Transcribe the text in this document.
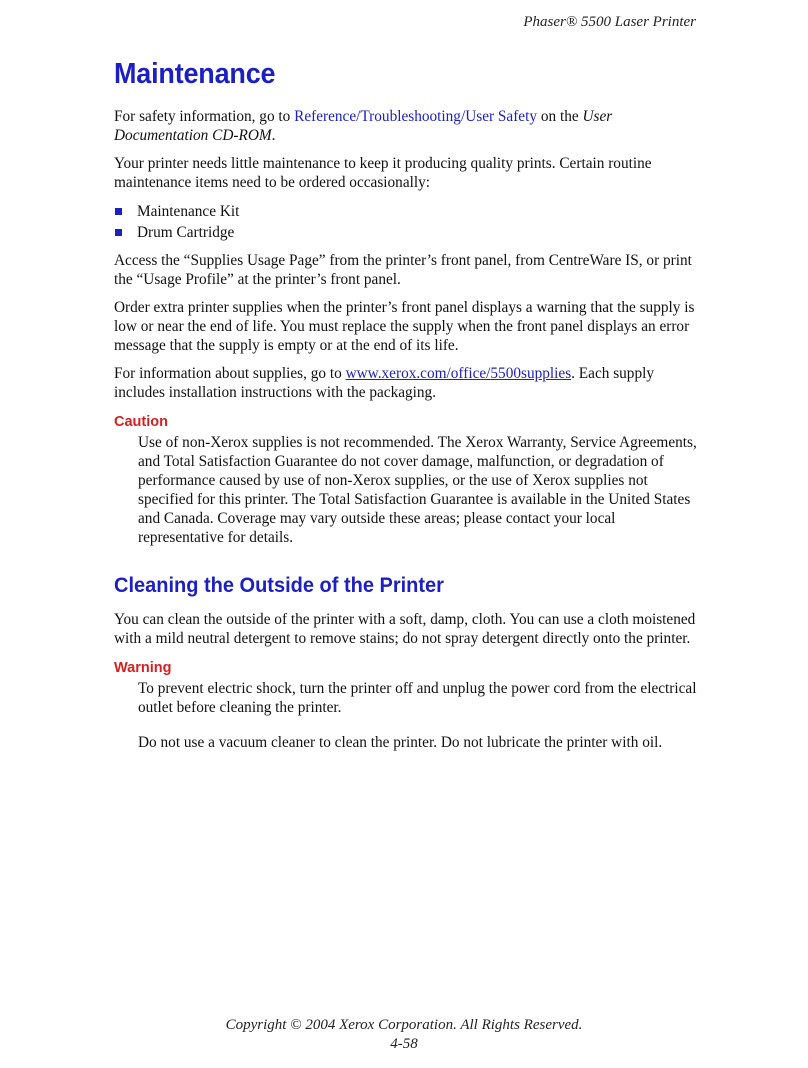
Phaser® 5500 Laser Printer
Maintenance

For safety information, go to Reference/Troubleshooting/User Safety on the User Documentation CD-ROM.

Your printer needs little maintenance to keep it producing quality prints. Certain routine maintenance items need to be ordered occasionally:

Maintenance Kit
Drum Cartridge

Access the “Supplies Usage Page” from the printer’s front panel, from CentreWare IS, or print the “Usage Profile” at the printer’s front panel.

Order extra printer supplies when the printer’s front panel displays a warning that the supply is low or near the end of life. You must replace the supply when the front panel displays an error message that the supply is empty or at the end of its life.

For information about supplies, go to www.xerox.com/office/5500supplies. Each supply includes installation instructions with the packaging.

Caution

Use of non-Xerox supplies is not recommended. The Xerox Warranty, Service Agreements, and Total Satisfaction Guarantee do not cover damage, malfunction, or degradation of performance caused by use of non-Xerox supplies, or the use of Xerox supplies not specified for this printer. The Total Satisfaction Guarantee is available in the United States and Canada. Coverage may vary outside these areas; please contact your local representative for details.

Cleaning the Outside of the Printer

You can clean the outside of the printer with a soft, damp, cloth. You can use a cloth moistened with a mild neutral detergent to remove stains; do not spray detergent directly onto the printer.

Warning

To prevent electric shock, turn the printer off and unplug the power cord from the electrical outlet before cleaning the printer.

Do not use a vacuum cleaner to clean the printer. Do not lubricate the printer with oil.

Copyright © 2004 Xerox Corporation. All Rights Reserved.
4-58
